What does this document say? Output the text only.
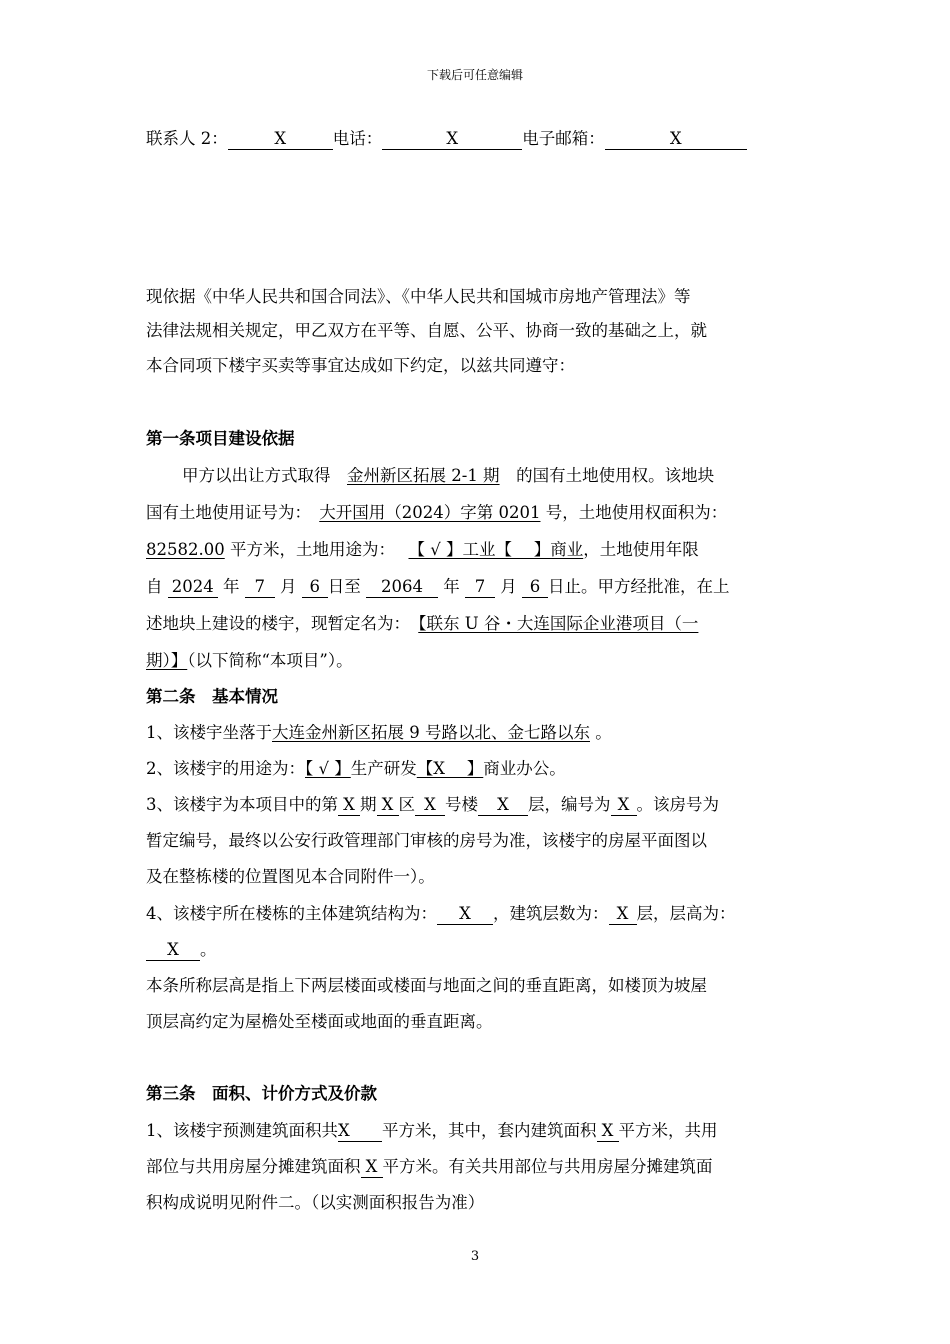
下载后可任意编辑
联系人 2：	X	电话：	X	电子邮箱：	X
现依据《中华人民共和国合同法》、《中华人民共和国城市房地产管理法》等
法律法规相关规定，甲乙双方在平等、自愿、公平、协商一致的基础之上，就
本合同项下楼宇买卖等事宜达成如下约定，以兹共同遵守：
第一条项目建设依据
甲方以出让方式取得　 金州新区拓展 2-1 期　 的国有土地使用权。该地块
国有土地使用证号为：　 大开国用（2024）字第 0201 号，土地使用权面积为：
82582.00 平方米，土地用途为：　 【 √ 】工业【　 】商业，土地使用年限
自 2024 年 7 月 6 日至 2064 年 7 月 6 日止。甲方经批准，在上
述地块上建设的楼宇，现暂定名为：　 【联东 U 谷・大连国际企业港项目（一
期）】（以下简称“本项目”）。
第二条　基本情况
1、该楼宇坐落于大连金州新区拓展 9 号路以北、金七路以东 。
2、该楼宇的用途为：【 √ 】生产研发【X　 】商业办公。
3、该楼宇为本项目中的第 X 期 X 区 X 号楼 X 层，编号为 X 。该房号为
暂定编号，最终以公安行政管理部门审核的房号为准，该楼宇的房屋平面图以
及在整栋楼的位置图见本合同附件一）。
4、该楼宇所在楼栋的主体建筑结构为： X ，建筑层数为： X 层，层高为：
X 。
本条所称层高是指上下两层楼面或楼面与地面之间的垂直距离，如楼顶为坡屋
顶层高约定为屋檐处至楼面或地面的垂直距离。
第三条　面积、计价方式及价款
1、该楼宇预测建筑面积共X 平方米，其中，套内建筑面积 X 平方米，共用
部位与共用房屋分摊建筑面积 X 平方米。有关共用部位与共用房屋分摊建筑面
积构成说明见附件二。（以实测面积报告为准）
3
